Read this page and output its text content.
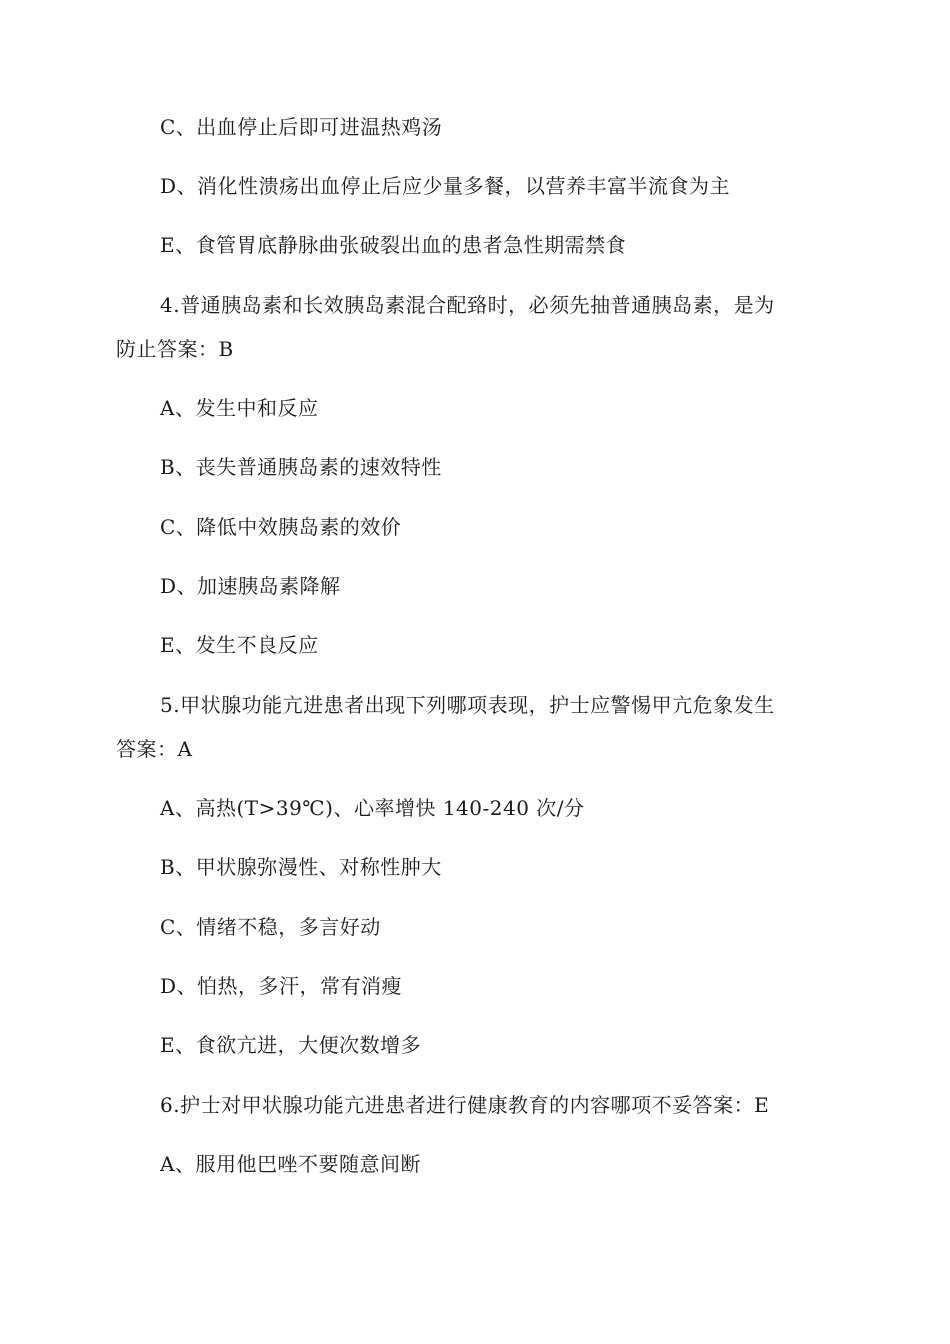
C、出血停止后即可进温热鸡汤
D、消化性溃疡出血停止后应少量多餐，以营养丰富半流食为主
E、食管胃底静脉曲张破裂出血的患者急性期需禁食
4.普通胰岛素和长效胰岛素混合配臵时，必须先抽普通胰岛素，是为
防止答案：B
A、发生中和反应
B、丧失普通胰岛素的速效特性
C、降低中效胰岛素的效价
D、加速胰岛素降解
E、发生不良反应
5.甲状腺功能亢进患者出现下列哪项表现，护士应警惕甲亢危象发生
答案：A
A、高热(T>39℃)、心率增快 140-240 次/分
B、甲状腺弥漫性、对称性肿大
C、情绪不稳，多言好动
D、怕热，多汗，常有消瘦
E、食欲亢进，大便次数增多
6.护士对甲状腺功能亢进患者进行健康教育的内容哪项不妥答案：E
A、服用他巴唑不要随意间断
